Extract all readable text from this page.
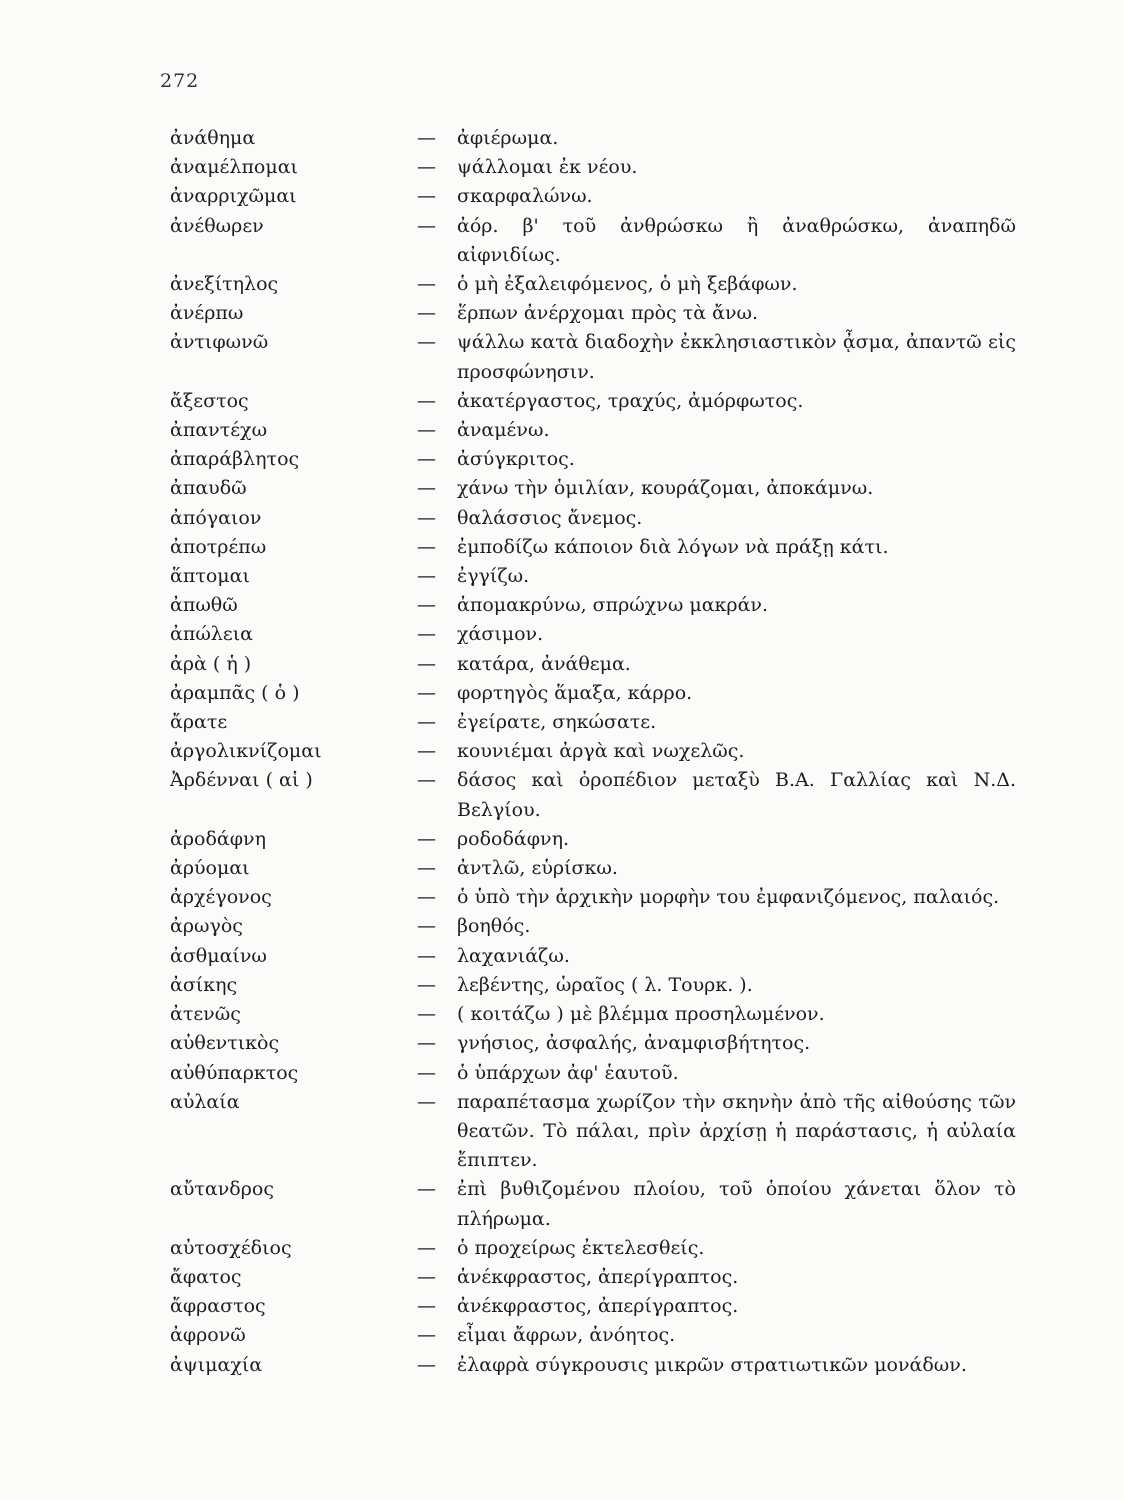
272
ἀνάθημα	—	ἀφιέρωμα.
ἀναμέλπομαι	—	ψάλλομαι ἐκ νέου.
ἀναρριχῶμαι	—	σκαρφαλώνω.
ἀνέθωρεν	—	ἀόρ. β' τοῦ ἀνθρώσκω ἢ ἀναθρώσκω, ἀναπηδῶ αἰφνιδίως.
ἀνεξίτηλος	—	ὁ μὴ ἐξαλειφόμενος, ὁ μὴ ξεβάφων.
ἀνέρπω	—	ἕρπων ἀνέρχομαι πρὸς τὰ ἄνω.
ἀντιφωνῶ	—	ψάλλω κατὰ διαδοχὴν ἐκκλησιαστικὸν ᾆσμα, ἀπαντῶ εἰς προσφώνησιν.
ἄξεστος	—	ἀκατέργαστος, τραχύς, ἀμόρφωτος.
ἀπαντέχω	—	ἀναμένω.
ἀπαράβλητος	—	ἀσύγκριτος.
ἀπαυδῶ	—	χάνω τὴν ὁμιλίαν, κουράζομαι, ἀποκάμνω.
ἀπόγαιον	—	θαλάσσιος ἄνεμος.
ἀποτρέπω	—	ἐμποδίζω κάποιον διὰ λόγων νὰ πράξῃ κάτι.
ἅπτομαι	—	ἐγγίζω.
ἀπωθῶ	—	ἀπομακρύνω, σπρώχνω μακράν.
ἀπώλεια	—	χάσιμον.
ἀρὰ ( ἡ )	—	κατάρα, ἀνάθεμα.
ἀραμπᾶς ( ὁ )	—	φορτηγὸς ἅμαξα, κάρρο.
ἄρατε	—	ἐγείρατε, σηκώσατε.
ἀργολικνίζομαι	—	κουνιέμαι ἀργὰ καὶ νωχελῶς.
Ἀρδένναι ( αἱ )	—	δάσος καὶ ὀροπέδιον μεταξὺ Β.Α. Γαλλίας καὶ Ν.Δ. Βελγίου.
ἀροδάφνη	—	ροδοδάφνη.
ἀρύομαι	—	ἀντλῶ, εὑρίσκω.
ἀρχέγονος	—	ὁ ὑπὸ τὴν ἀρχικὴν μορφὴν του ἐμφανιζόμενος, παλαιός.
ἀρωγὸς	—	βοηθός.
ἀσθμαίνω	—	λαχανιάζω.
ἀσίκης	—	λεβέντης, ὡραῖος ( λ. Τουρκ. ).
ἀτενῶς	—	( κοιτάζω ) μὲ βλέμμα προσηλωμένον.
αὐθεντικὸς	—	γνήσιος, ἀσφαλής, ἀναμφισβήτητος.
αὐθύπαρκτος	—	ὁ ὑπάρχων ἀφ' ἑαυτοῦ.
αὐλαία	—	παραπέτασμα χωρίζον τὴν σκηνὴν ἀπὸ τῆς αἰθούσης τῶν θεατῶν. Τὸ πάλαι, πρὶν ἀρχίσῃ ἡ παράστασις, ἡ αὐλαία ἔπιπτεν.
αὔτανδρος	—	ἐπὶ βυθιζομένου πλοίου, τοῦ ὁποίου χάνεται ὅλον τὸ πλήρωμα.
αὐτοσχέδιος	—	ὁ προχείρως ἐκτελεσθείς.
ἄφατος	—	ἀνέκφραστος, ἀπερίγραπτος.
ἄφραστος	—	ἀνέκφραστος, ἀπερίγραπτος.
ἀφρονῶ	—	εἶμαι ἄφρων, ἀνόητος.
ἀψιμαχία	—	ἐλαφρὰ σύγκρουσις μικρῶν στρατιωτικῶν μονάδων.
